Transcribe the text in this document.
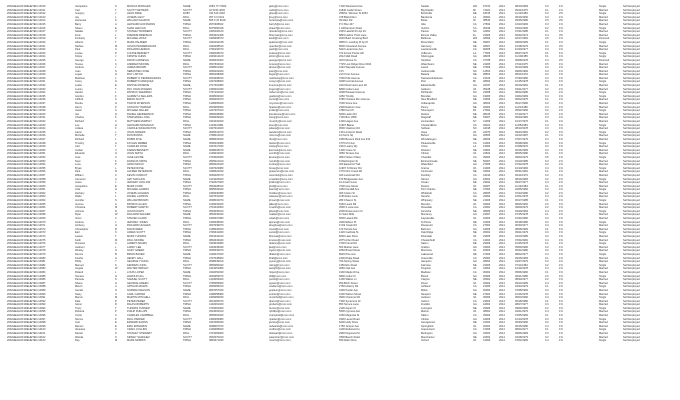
2002HEAHOF1REHETEN-10010	Jacqueline	S	MONICA MORALES	NAME	2083 777 0843		jacky@xxxx.com	7100 Westwood Ave	Seattle	WA	97070	2014	08/10/1983	0.3	1%		Single	Self Employed
2002HEAHOF1REHETEN-10011	Carl	T	SCOTT WINTERS	SCOTT	42 5230 4003		carlw@xxxx.com	11840 Cedar Street	Big Rapids	MI	74021	2014	09/11/1975	0.1	1%		Married	Self Employed
2002HEAHOF1REHETEN-10012	Gregory	J	LEON FREE	RUBY	432 510 3418		gfree@xxxx.com	2568 E. Winston St #254	Brockville	NE	18015	2014	11/12/1983	0.3	2%		Single	Self Employed
2002HEAHOF1REHETEN-10013	Jay	L	JOSEPH LEVY	PAUL	357 0 0 0101		jlevy@xxxx.com	478 Blanchfern	Bandonta	LA	36002	2014	06/19/1960	0.3	1%		Married	Self Employed
2002HEAHOF1REHETEN-10014	Hortensia	K	WILLIAM CHAFFIN	NAME	505 0 15 8118		hortensia@xxxx.com	39 Main Rd	Boise	ID	38540	2014	05/25/1986	0.5	3%		Married	Self Employed
2002HEAHOF1REHETEN-10015	Barry	A	LEONARD HOFFMANN	TRINH	3670308022		barryh@xxxx.com	P O Box 447	Gila	CA	27693	2014	10/23/1984	0.3	1%		Married	Self Employed
2002HEAHOF1REHETEN-10016	Shaun	E	SHAN LEE FAN	PAUL	6075050018		shaunf@xxxx.com	1 Hillhampton Road	Jericho	CA	30046	2014	03/24/1990	0.2	1%		Single	Self Employed
2002HEAHOF1REHETEN-10017	Natalie	V	STANLEY BORDERS	SCOTT	4305100120		nborders@xxxx.com	1545 Lakehill Dr Apt 2C	Paxton	NC	44004	2014	07/21/1985	0.1	1%		Married	Self Employed
2002HEAHOF1REHETEN-10018	Fred	L	FREDDIE BRENNAN	TRINH	3603401408		fbrennan@xxxx.com	8849 Harbor Point Lane	Elmore Valley	FL	24006	2014	06/22/1974	0.4	3%		Married	Self Employed
2002HEAHOF1REHETEN-10019	Kimberly	F	MICHAEL WOLF	SCOTT	4309308070		kwolf@xxxx.com	2020 Bard Crossing Blvd	Bellevue	WA	48006	2014	02/17/1981	0.5	1%		Divorced	Self Employed
2002HEAHOF1REHETEN-10020	Alberto	T	MARK PALMIERI	TRINH	3430102018		apalmieri@xxxx.com	3805 N. Landing Pl Apt 8	Broomfield	NE	09007	2014	09/09/1983	0.1	1%		Single	Self Employed
2002HEAHOF1REHETEN-10021	Nathan	M	JASON PENDERGRASS	PAUL	3402008510		npender@xxxx.com	8600 Cleveland Avenue	Harmony	NE	02507	2014	10/18/1979	0.3	2%		Married	Self Employed
2002HEAHOF1REHETEN-10022	Paul	A	RICHARD HEIMAN	PAUL	3700106070		pauh@xxxx.com	5222 Lanterman Ave	Laurelvanville	CA	90005	2014	10/20/1977	0.3	1%		Married	Self Employed
2002HEAHOF1REHETEN-10023	Louise	P	LOUISE BERNETT	SCOTT	3308108070		louisep@xxxx.com	472 Forest Pointe Hill	Jefferson	LA	77006	2014	08/27/1976	0.1	1%		Single	Self Employed
2002HEAHOF1REHETEN-10024	Kristie	J	KRISTIE CHINN	TRINH	3403012100		kchinn@xxxx.com	2012 Mall Road	Sheboygan	GA	48205	2014	11/10/1985	0.1	1%		Single	Self Employed
2002HEAHOF1REHETEN-10025	George	L	DAVID CARNEVAL	NAME	3606010060		georgec@xxxx.com	4070 Moose St	Stockton	CA	37785	2014	06/08/1978	0.4	2%		Divorced	Self Employed
2002HEAHOF1REHETEN-10026	Teresa	C	ANDREW MOORE	PAUL	3507603010		tmoore@xxxx.com	7725 Lost Ridge Drive #194	Waterbeton	NE	24005	2014	07/11/1975	0.5	1%		Married	Self Employed
2002HEAHOF1REHETEN-10027	Andrew	J	JAMES BROWN	SCOTT	4508021002		abrown@xxxx.com	1240 Wayside Avenue	Laurel	NE	07006	2014	06/13/1983	0.3	1%		Married	Self Employed
2002HEAHOF1REHETEN-10028	Juan	S	SEBASTIEN JOSE	TRINH	3609102020		juanj@xxxx.com	3 Pl	Jacksonville	NC	12504	2014	09/06/1984	0.3	1%		Married	Self Employed
2002HEAHOF1REHETEN-10029	Logan	H	ROY LISTON	TRINH	3806108068		llogan@xxxx.com	2172 Fort Avenue	Beatria	NE	38502	2014	08/11/1979	0.2	1%		Married	Self Employed
2002HEAHOF1REHETEN-10030	Matthew	J	ROBERT N PENDERGRASS	SCOTT	4504208010		matthewp@xxxx.com	7000 Polk Avenue	Stanwood/Jackson	CA	24106	2014	07/30/1982	0.3	1%		Married	Self Employed
2002HEAHOF1REHETEN-10031	Corey	G	ROBERTO MARQUEZ	TRINH	3407208060		coreym@xxxx.com	4008 Central Avenue	Flint	MI	48002	2014	10/15/1978	0.4	1%		Single	Self Employed
2002HEAHOF1REHETEN-10032	Leslie	E	PAPPLE MONROE	NAME	3717010080		lmonroe@xxxx.com	4410 Riverview Lane #2	Edwardsville	GA	42047	2014	06/19/1981	0.1	1%		Married	Self Employed
2002HEAHOF1REHETEN-10033	Lucien	T	RAY JOHN ROGERS	SCOTT	4306001030		lrogers@xxxx.com	6800 Cedar Lane	Jackson	VA	35108	2014	03/21/1977	0.2	1%		Married	Self Employed
2002HEAHOF1REHETEN-10034	Harold	L	PATRICK SHERMAN	TRINH	3707102040		hsherman@xxxx.com	4008 Pleasant Avenue	Richlands	NC	23008	2014	08/22/1986	0.3	1%		Single	Self Employed
2002HEAHOF1REHETEN-10035	Gordon	F	GARRET A SELLERS	TRINH	3608003040		gsellers@xxxx.com	4250 Trindity	Brendan	GA	19006	2014	04/04/1983	0.4	1%		Single	Self Employed
2002HEAHOF1REHETEN-10036	Clifford	A	BRIAN SCOTT	TRINH	3506004070		cscott@xxxx.com	6780 Chelsea Run Avenue	New Bradford	NE	34005	2014	06/02/1975	0.1	1%		Married	Self Employed
2002HEAHOF1REHETEN-10037	Ronda	H	TRAVIS MYERSON	TRINH	4108005020		rmyerson@xxxx.com	7000 Stone Ave	Indianapolis	GA	38302	2014	09/17/1982	0.3	1%		Married	Self Employed
2002HEAHOF1REHETEN-10038	Henry	P	ANTHONY PARKER	PAUL	3603006060		hparker@xxxx.com	2300 Raeburn Ave	Penny	NE	02004	2014	11/21/1980	0.4	1%		Married	Self Employed
2002HEAHOF1REHETEN-10039	Jason	A	MICHAEL MILLER	TRINH	4207007010		jmiller@xxxx.com	4780 Kent Pl	Shreveport	PA	27004	2014	05/02/1984	0.2	1%		Single	Self Employed
2002HEAHOF1REHETEN-10040	Jan	D	DANIEL HENDERSON	TRINH	3806008080		jhenderson@xxxx.com	5600 Larkin Rd	Ruston	NE	08106	2014	07/19/1977	0.3	1%		Married	Self Employed
2002HEAHOF1REHETEN-10041	Charles	F	STEPHANIE LONG	TRINH	4509009020		clong@xxxx.com	7130 Box 1808	Flagstaff	NE	53007	2014	06/20/1982	0.3	1%		Married	Self Employed
2002HEAHOF1REHETEN-10042	Richard	C	MATTHEW MURPHY	PAUL	3401010040		rmurphy@xxxx.com	1400 Hagan Ave	Amsterdam	NY	41006	2014	10/17/1976	0.1	1%		Married	Self Employed
2002HEAHOF1REHETEN-10043	Leo	H	LEONARD MCMAHAN	TRINH	4103011080		leom@xxxx.com	11997 Blaine	Chester/Elton	CA	46021	2014	11/05/1983	0.4	1%		Single	Self Employed
2002HEAHOF1REHETEN-10044	Juliana	F	CAROLE WASHINGTON	SCOTT	4307012020		juliana@xxxx.com	9500 Clarkson Rd	Sullivan	NC	44018	2014	08/13/1978	0.3	1%		Married	Self Employed
2002HEAHOF1REHETEN-10045	Aaron	J	JOHN ANDERS	TRINH	3605013070		aanders@xxxx.com	1301 Amherst Road	Hope	VA	24070	2014	09/24/1981	0.2	1%		Single	Self Employed
2002HEAHOF1REHETEN-10046	Michelle	T	RON BURNS	NAME	3708014010		mburns@xxxx.com	12 Ferris Sq	Buford	GA	30505	2014	04/12/1987	0.1	1%		Married	Self Employed
2002HEAHOF1REHETEN-10047	Richard	L	ROBIN FIVE	NAME	3808015040		rfive@xxxx.com	1950 Bevens Park Ave #14	Whodahugen	NE	28309	2014	07/07/1979	0.4	1%		Married	Self Employed
2002HEAHOF1REHETEN-10048	Timothy	A	KAYLEN WEBER	TRINH	3506016080		tweber@xxxx.com	4776 M 6 Ave	Pleasantville	CA	41004	2014	05/28/1982	0.3	1%		Single	Self Employed
2002HEAHOF1REHETEN-10049	Carl	T	CHARLES DOLE	NAME	3407017030		cdole@xxxx.com	2310 Lesley Wy	Union	LA	13004	2014	10/08/1976	0.2	1%		Married	Self Employed
2002HEAHOF1REHETEN-10050	Jordan	V	KAREN BENNETT	NAME	3608018070		jbennett@xxxx.com	1400 Crane St	Rockton	NE	33002	2014	06/16/1983	0.3	1%		Married	Self Employed
2002HEAHOF1REHETEN-10051	Eduardo	G	JOHN SMITH	PAUL	4109019020		esmith@xxxx.com	3650 Terrace Ave	Clinton	VA	22602	2014	08/25/1980	0.1	1%		Married	Self Employed
2002HEAHOF1REHETEN-10052	Jose	C	JASE LEVINE	SCOTT	3703020060		jlevine@xxxx.com	3810 Nelson Place	Chandler	CA	39004	2014	09/03/1979	0.5	1%		Single	Self Employed
2002HEAHOF1REHETEN-10053	Noel	F	FRANCIS SMITH	TRINH	3505021010		nsmith@xxxx.com	8 Washington St	Elmhurst/Lake	NE	50007	2014	04/19/1985	0.3	1%		Married	Self Employed
2002HEAHOF1REHETEN-10054	Luca	P	GRAN MCKAY	TRINH	3806022040		lmckay@xxxx.com	400 Eastwind Trail	Waterfield	GA	27005	2014	07/22/1978	0.2	1%		Married	Self Employed
2002HEAHOF1REHETEN-10055	Bryan	L	PETER ROSE	SCOTT	4307023080		brose@xxxx.com	11997 N Winsor Rd	Gretna	VA	41006	2014	10/10/1982	0.4	1%		Single	Self Employed
2002HEAHOF1REHETEN-10056	Paul	R	ALFRED PETERSON	PAUL	3408024030		ppeterson@xxxx.com	4770 Flint Creek Rd	Cincinnati	NE	34002	2014	05/31/1981	0.1	1%		Married	Self Employed
2002HEAHOF1REHETEN-10057	William	C	KEVIN CONDUIT	TRINH	3609025070		wconduit@xxxx.com	400 Landmark Rd	Dundoly	CA	44010	2014	06/11/1979	0.3	1%		Married	Self Employed
2002HEAHOF1REHETEN-10058	Cameron	A	AMY MACLAIN	NAME	4101026020		cmaclain@xxxx.com	670 Bridgewater Ave	Stroud	GA	18004	2014	08/19/1984	0.2	1%		Single	Self Employed
2002HEAHOF1REHETEN-10059	Jesse	J	JEFFERY HOLLINS	TRINH	3702027060		jhollins@xxxx.com	10 Ansehl Lane	Ocean	NE	23302	2014	09/27/1977	0.4	1%		Married	Self Employed
2002HEAHOF1REHETEN-10060	Jacqueline	E	MARK FORD	SCOTT	3504028010		jford@xxxx.com	3700 Goe Street	Ruston	VA	40007	2014	11/14/1983	0.1	1%		Married	Self Employed
2002HEAHOF1REHETEN-10061	Julie	H	MICHAEL HARRIS	TRINH	3805029040		jharris@xxxx.com	4450 Kendall Ave	Port Charles	NE	37004	2014	04/05/1982	0.3	1%		Single	Self Employed
2002HEAHOF1REHETEN-10062	Zachary	T	JOSEPH HOLDEN	TRINH	4306030080		zholden@xxxx.com	300 Cotton St	Whitehall	CA	28005	2014	07/23/1980	0.2	1%		Married	Self Employed
2002HEAHOF1REHETEN-10063	Wade	L	DANIEL LAWSON	PAUL	3407031030		wlawson@xxxx.com	1150 Eden Lane	Neosho	GA	33002	2014	10/01/1978	0.4	1%		Married	Self Employed
2002HEAHOF1REHETEN-10064	Jennifer	S	WILLIAM BROWN	NAME	3608032070		jbrown@xxxx.com	280 Chaunc St	Whippany	NE	21006	2014	06/17/1985	0.1	1%		Single	Self Employed
2002HEAHOF1REHETEN-10065	Jerome	A	PATRICK ALLEN	TRINH	4109033020		jallen@xxxx.com	8160 Lewis Rd	Mendon	VA	49002	2014	08/26/1981	0.3	1%		Married	Self Employed
2002HEAHOF1REHETEN-10066	Christina	M	ROBERT MARTIN	SCOTT	3701034060		cmartin@xxxx.com	3500 S Lane Ave	Rosedale	CA	24004	2014	09/09/1979	0.2	1%		Married	Self Employed
2002HEAHOF1REHETEN-10067	Johnnie	D	JASON DAVIS	TRINH	3503035010		jdavis@xxxx.com	2200 Rosemount Cir	Kenosha	NE	38005	2014	04/29/1984	0.4	1%		Single	Self Employed
2002HEAHOF1REHETEN-10068	Ryan	W	RICHARD WALKER	NAME	3804036040		rwalker@xxxx.com	11 Saint Mills	Monterey	GA	19007	2014	07/15/1978	0.1	1%		Married	Self Employed
2002HEAHOF1REHETEN-10069	Victor	C	STEVEN CLARK	TRINH	4305037080		vclark@xxxx.com	5600 Leland Rd	Fayetteville	VA	42002	2014	10/22/1982	0.3	1%		Married	Self Employed
2002HEAHOF1REHETEN-10070	Andrew	J	JEFFREY JONES	PAUL	3406038030		ajones@xxxx.com	3400 Ellison Pl	St Pierre	NE	31006	2014	05/18/1980	0.2	1%		Single	Self Employed
2002HEAHOF1REHETEN-10071	Anthony	H	RICHARD HUGHES	SCOTT	3607039070		ahughes@xxxx.com	9 Old Creek Rd	Roosevelt	CA	27004	2014	06/30/1977	0.4	1%		Married	Self Employed
2002HEAHOF1REHETEN-10072	Christopher	R	DAVID REED	TRINH	4108040020		creed@xxxx.com	470 Tarrant Ave	Belmont	GA	44006	2014	08/08/1983	0.1	1%		Married	Self Employed
2002HEAHOF1REHETEN-10073	Earl	S	JAMES SCOTT	TRINH	3709041060		escott@xxxx.com	1420 Cardinal St	Oak Ridge	NE	36002	2014	09/21/1979	0.3	1%		Single	Self Employed
2002HEAHOF1REHETEN-10074	Lauren	T	MARK THOMAS	NAME	3501042010		lthomas@xxxx.com	6600 Lake Drive	Riverdale	VA	23005	2014	04/13/1985	0.2	1%		Married	Self Employed
2002HEAHOF1REHETEN-10075	Keith	M	PAUL MOORE	TRINH	3802043040		kmoore@xxxx.com	2075 Arbor Road	Chesterfield	CA	41002	2014	07/04/1981	0.4	1%		Married	Self Employed
2002HEAHOF1REHETEN-10076	Terrance	A	ALBERT ADAMS	PAUL	4303044080		tadams@xxxx.com	3700 Forest Rd	Salem	NE	29006	2014	10/26/1978	0.1	1%		Single	Self Employed
2002HEAHOF1REHETEN-10077	Jackson	L	LARRY LEE	SCOTT	3404045030		jlee@xxxx.com	500 Market Lane	Grafton	GA	34004	2014	05/09/1982	0.3	1%		Married	Self Employed
2002HEAHOF1REHETEN-10078	Wesley	G	GARY GREEN	TRINH	3605046070		wgreen@xxxx.com	1860 Broad Street	Montrose	VA	20002	2014	06/24/1980	0.2	1%		Married	Self Employed
2002HEAHOF1REHETEN-10079	Dennis	B	BRIAN BAKER	NAME	4106047020		dbaker@xxxx.com	8020 Pine Ave	Lakewood	NE	47006	2014	08/02/1977	0.4	1%		Single	Self Employed
2002HEAHOF1REHETEN-10080	Keisha	H	HENRY HALL	TRINH	3707048060		khall@xxxx.com	2400 Ridge Road	Greenville	CA	25004	2014	09/15/1983	0.1	1%		Married	Self Employed
2002HEAHOF1REHETEN-10081	Philip	Y	GEORGE YOUNG	PAUL	3508049010		pyoung@xxxx.com	700 Spring Street	Hampton	GA	38002	2014	04/27/1979	0.3	1%		Married	Self Employed
2002HEAHOF1REHETEN-10082	Manuel	K	KENNETH KING	SCOTT	3809050040		mking@xxxx.com	1350 Elm Road	Fairview	NE	22006	2014	07/11/1984	0.2	1%		Single	Self Employed
2002HEAHOF1REHETEN-10083	Angela	W	WALTER WRIGHT	TRINH	4301051080		awright@xxxx.com	4650 Oak Ave	Kingston	VA	43004	2014	10/19/1978	0.4	1%		Married	Self Employed
2002HEAHOF1REHETEN-10084	Roland	L	LOUIS LOPEZ	NAME	3402052030		rlopez@xxxx.com	3100 Maple Drive	Madison	CA	30002	2014	05/06/1982	0.1	1%		Married	Self Employed
2002HEAHOF1REHETEN-10085	Tamara	H	HAROLD HILL	TRINH	3603053070		thill@xxxx.com	6800 Cedar Ct	Bristol	GA	26006	2014	06/21/1980	0.3	1%		Single	Self Employed
2002HEAHOF1REHETEN-10086	Pamela	S	SAMUEL SCOTT	PAUL	4104054020		pscott@xxxx.com	1200 Willow Ln	Clayton	NE	45004	2014	08/30/1977	0.2	1%		Married	Self Employed
2002HEAHOF1REHETEN-10087	Shane	G	GEORGE GREEN	SCOTT	3705055060		sgreen@xxxx.com	950 Birch Street	Dover	VA	32002	2014	09/12/1983	0.4	1%		Married	Self Employed
2002HEAHOF1REHETEN-10088	Melvin	A	ARTHUR ADAMS	TRINH	3506056010		madams@xxxx.com	2750 Hickory Rd	Ashland	CA	21006	2014	04/24/1979	0.1	1%		Single	Self Employed
2002HEAHOF1REHETEN-10089	Gerald	N	NORMAN NELSON	NAME	3807057040		gnelson@xxxx.com	4400 Poplar Ave	Milton	GA	40004	2014	07/08/1984	0.3	1%		Married	Self Employed
2002HEAHOF1REHETEN-10090	Stacy	C	CARL CARTER	TRINH	4308058080		scarter@xxxx.com	1600 Walnut Street	Newport	NE	27002	2014	10/16/1978	0.2	1%		Married	Self Employed
2002HEAHOF1REHETEN-10091	Marvin	M	MARTIN MITCHELL	PAUL	3409059030		mmitchell@xxxx.com	3900 Chestnut Rd	Jackson	VA	36006	2014	05/03/1982	0.4	1%		Single	Self Employed
2002HEAHOF1REHETEN-10092	Dale	P	PETER PEREZ	SCOTT	3601060070		dperez@xxxx.com	7300 Sycamore Dr	Auburn	CA	23004	2014	06/18/1980	0.1	1%		Married	Self Employed
2002HEAHOF1REHETEN-10093	Glenn	R	RALPH ROBERTS	TRINH	4102061020		groberts@xxxx.com	850 Spruce Lane	Franklin	GA	42002	2014	08/27/1977	0.3	1%		Married	Self Employed
2002HEAHOF1REHETEN-10094	Tracy	T	THOMAS TURNER	NAME	3703062060		tturner@xxxx.com	2100 Aspen Ct	Lexington	NE	29006	2014	09/09/1983	0.2	1%		Single	Self Employed
2002HEAHOF1REHETEN-10095	Roberta	P	PHILIP PHILLIPS	TRINH	3504063010		rphillips@xxxx.com	5500 Cypress Ave	Marion	VA	38004	2014	04/21/1979	0.4	1%		Married	Self Employed
2002HEAHOF1REHETEN-10096	Curtis	C	CHARLES CAMPBELL	PAUL	3805064040		ccampbell@xxxx.com	1050 Magnolia St	Salem	CA	25002	2014	07/05/1984	0.1	1%		Married	Self Employed
2002HEAHOF1REHETEN-10097	Norma	P	PAUL PARKER	SCOTT	4306065080		nparker@xxxx.com	3300 Laurel Road	Clinton	GA	44006	2014	10/13/1978	0.3	1%		Single	Self Employed
2002HEAHOF1REHETEN-10098	Joel	E	EDWARD EVANS	TRINH	3407066030		jevans@xxxx.com	6200 Holly Drive	Georgetown	NE	31004	2014	05/30/1982	0.2	1%		Married	Self Employed
2002HEAHOF1REHETEN-10099	Ramon	E	ERIC EDWARDS	NAME	3608067070		redwards@xxxx.com	1750 Juniper Ave	Springfield	VA	20002	2014	06/15/1980	0.4	1%		Married	Self Employed
2002HEAHOF1REHETEN-10100	Vanessa	C	CRAIG COLLINS	TRINH	4109068020		vcollins@xxxx.com	4100 Redwood Ln	Greenwood	CA	47006	2014	08/24/1977	0.1	1%		Single	Self Employed
2002HEAHOF1REHETEN-10101	Darrell	S	STANLEY STEWART	PAUL	3701069060		dstewart@xxxx.com	2900 Dogwood St	Burlington	GA	34004	2014	09/06/1983	0.3	1%		Married	Self Employed
2002HEAHOF1REHETEN-10102	Wanda	S	SIDNEY SANCHEZ	SCOTT	3502070010		wsanchez@xxxx.com	7800 Beech Road	Manchester	NE	22002	2014	04/18/1979	0.2	1%		Married	Self Employed
2002HEAHOF1REHETEN-10103	Ray	M	MARK MORRIS	TRINH	3803071040		rmorris@xxxx.com	650 Alder Drive	Oxford	VA	41006	2014	07/02/1984	0.4	1%		Single	Self Employed
